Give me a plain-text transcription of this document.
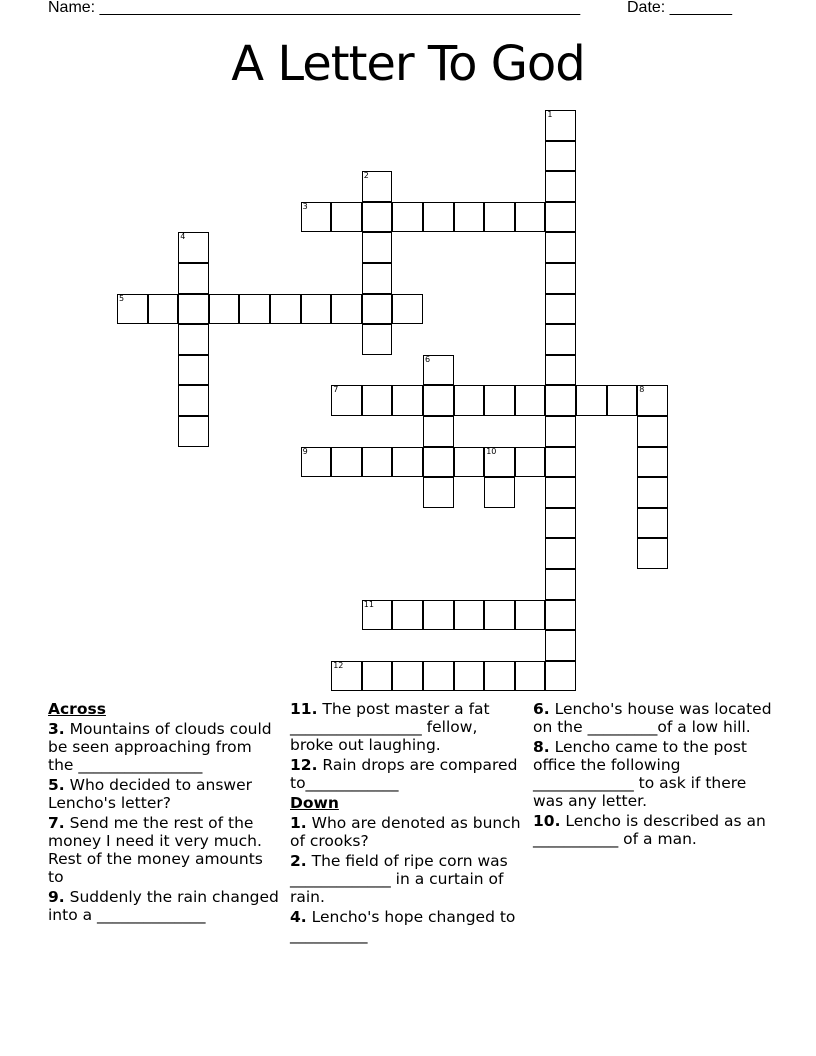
Name: ______________________________________________________	Date: _______
A Letter To God
1
2
3
4
5
6
7	8
9	10
11
12
Across
3. Mountains of clouds could be seen approaching from the ________________
5. Who decided to answer Lencho's letter?
7. Send me the rest of the money I need it very much. Rest of the money amounts to
9. Suddenly the rain changed into a ______________
11. The post master a fat _________________ fellow, broke out laughing.
12. Rain drops are compared to____________
Down
1. Who are denoted as bunch of crooks?
2. The field of ripe corn was _____________ in a curtain of rain.
4. Lencho's hope changed to __________
6. Lencho's house was located on the _________of a low hill.
8. Lencho came to the post office the following _____________ to ask if there was any letter.
10. Lencho is described as an ___________ of a man.
